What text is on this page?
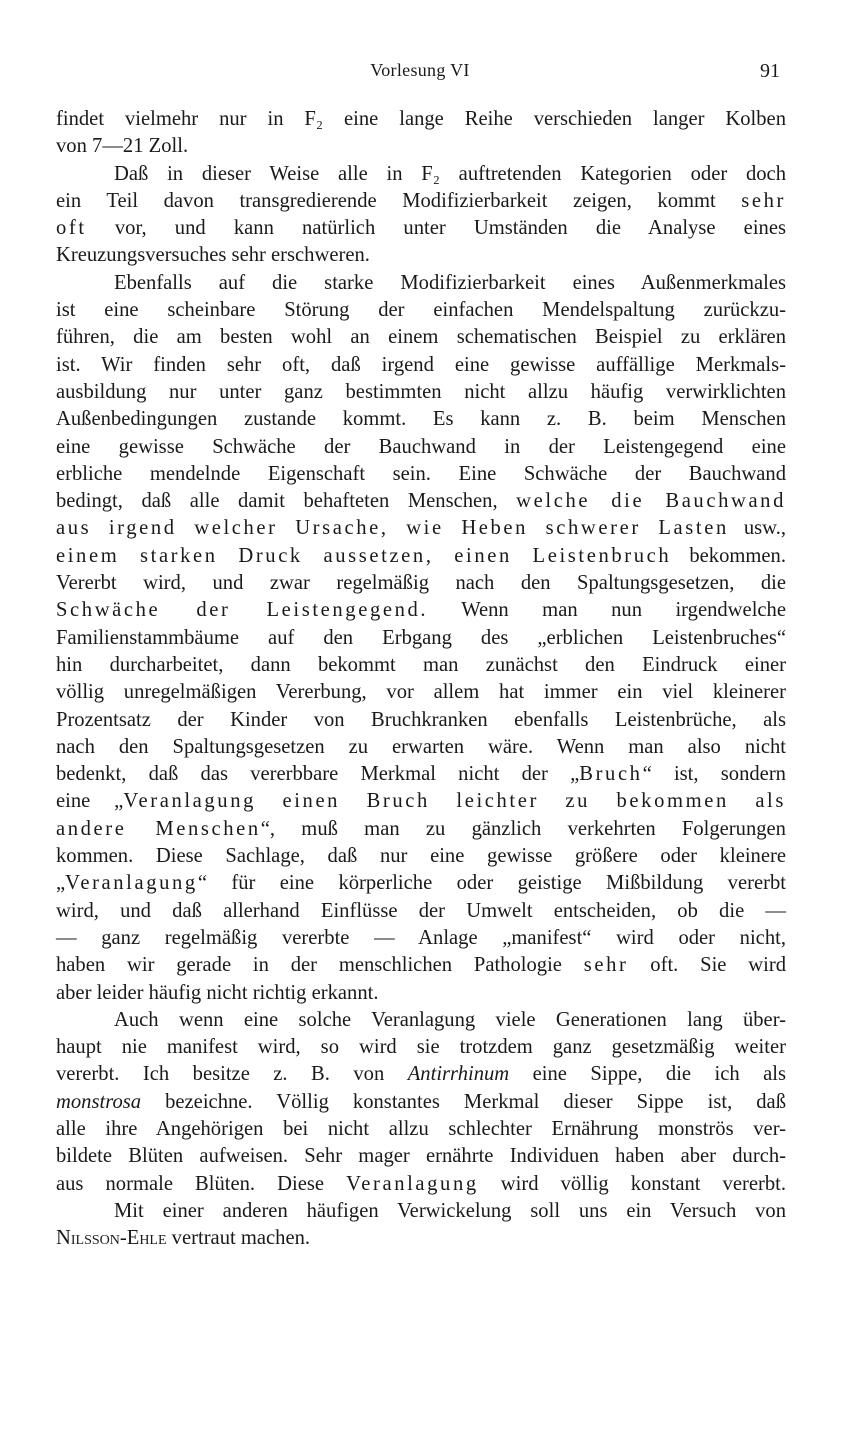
Vorlesung VI	91
findet vielmehr nur in F₂ eine lange Reihe verschieden langer Kolben
von 7—21 Zoll.
Daß in dieser Weise alle in F₂ auftretenden Kategorien oder doch
ein Teil davon transgredierende Modifizierbarkeit zeigen, kommt sehr
oft vor, und kann natürlich unter Umständen die Analyse eines
Kreuzungsversuches sehr erschweren.
Ebenfalls auf die starke Modifizierbarkeit eines Außenmerkmales
ist eine scheinbare Störung der einfachen Mendelspaltung zurückzu-
führen, die am besten wohl an einem schematischen Beispiel zu erklären
ist. Wir finden sehr oft, daß irgend eine gewisse auffällige Merkmals-
ausbildung nur unter ganz bestimmten nicht allzu häufig verwirklichten
Außenbedingungen zustande kommt. Es kann z. B. beim Menschen
eine gewisse Schwäche der Bauchwand in der Leistengegend eine
erbliche mendelnde Eigenschaft sein. Eine Schwäche der Bauchwand
bedingt, daß alle damit behafteten Menschen, welche die Bauchwand
aus irgend welcher Ursache, wie Heben schwerer Lasten usw.,
einem starken Druck aussetzen, einen Leistenbruch bekommen.
Vererbt wird, und zwar regelmäßig nach den Spaltungsgesetzen, die
Schwäche der Leistengegend. Wenn man nun irgendwelche
Familienstammbäume auf den Erbgang des „erblichen Leistenbruches“
hin durcharbeitet, dann bekommt man zunächst den Eindruck einer
völlig unregelmäßigen Vererbung, vor allem hat immer ein viel kleinerer
Prozentsatz der Kinder von Bruchkranken ebenfalls Leistenbrüche, als
nach den Spaltungsgesetzen zu erwarten wäre. Wenn man also nicht
bedenkt, daß das vererbbare Merkmal nicht der „Bruch“ ist, sondern
eine „Veranlagung einen Bruch leichter zu bekommen als
andere Menschen“, muß man zu gänzlich verkehrten Folgerungen
kommen. Diese Sachlage, daß nur eine gewisse größere oder kleinere
„Veranlagung“ für eine körperliche oder geistige Mißbildung vererbt
wird, und daß allerhand Einflüsse der Umwelt entscheiden, ob die —
— ganz regelmäßig vererbte — Anlage „manifest“ wird oder nicht,
haben wir gerade in der menschlichen Pathologie sehr oft. Sie wird
aber leider häufig nicht richtig erkannt.
Auch wenn eine solche Veranlagung viele Generationen lang über-
haupt nie manifest wird, so wird sie trotzdem ganz gesetzmäßig weiter
vererbt. Ich besitze z. B. von Antirrhinum eine Sippe, die ich als
monstrosa bezeichne. Völlig konstantes Merkmal dieser Sippe ist, daß
alle ihre Angehörigen bei nicht allzu schlechter Ernährung monströs ver-
bildete Blüten aufweisen. Sehr mager ernährte Individuen haben aber durch-
aus normale Blüten. Diese Veranlagung wird völlig konstant vererbt.
Mit einer anderen häufigen Verwickelung soll uns ein Versuch von
Nilsson-Ehle vertraut machen.
